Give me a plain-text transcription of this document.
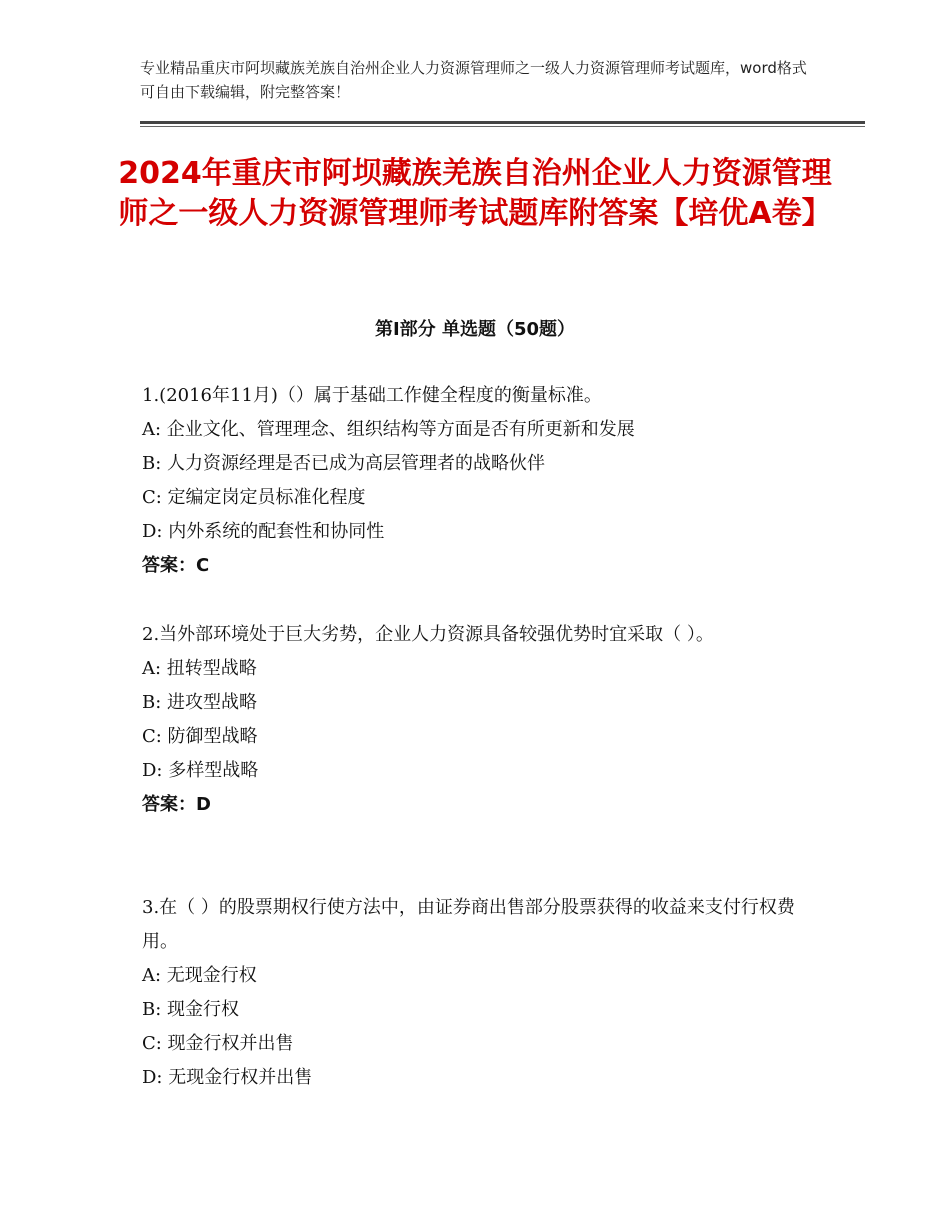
专业精品重庆市阿坝藏族羌族自治州企业人力资源管理师之一级人力资源管理师考试题库，word格式可自由下载编辑，附完整答案！
2024年重庆市阿坝藏族羌族自治州企业人力资源管理师之一级人力资源管理师考试题库附答案【培优A卷】
第Ⅰ部分 单选题（50题）

1.(2016年11月)（）属于基础工作健全程度的衡量标准。

A: 企业文化、管理理念、组织结构等方面是否有所更新和发展

B: 人力资源经理是否已成为高层管理者的战略伙伴

C: 定编定岗定员标准化程度

D: 内外系统的配套性和协同性

答案：C

2.当外部环境处于巨大劣势，企业人力资源具备较强优势时宜采取（ ）。

A: 扭转型战略

B: 进攻型战略

C: 防御型战略

D: 多样型战略

答案：D

3.在（ ）的股票期权行使方法中，由证券商出售部分股票获得的收益来支付行权费用。

A: 无现金行权

B: 现金行权

C: 现金行权并出售

D: 无现金行权并出售
